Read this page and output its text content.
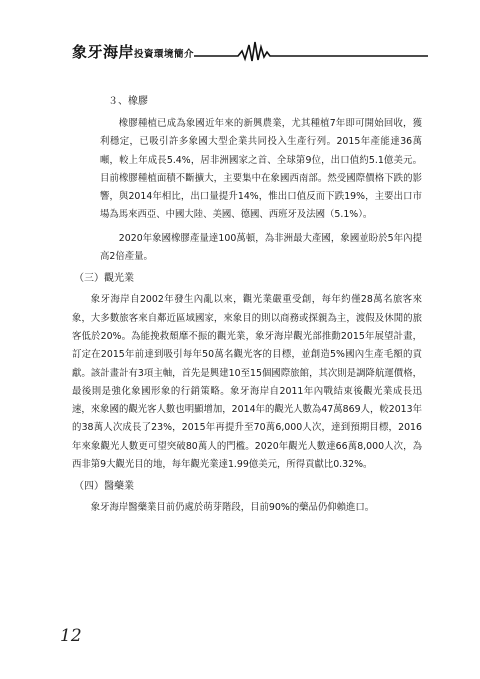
象牙海岸投資環境簡介

３、橡膠

橡膠種植已成為象國近年來的新興農業，尤其種植7年即可開始回收，獲利穩定，已吸引許多象國大型企業共同投入生產行列。2015年產能達36萬噸，較上年成長5.4%，居非洲國家之首、全球第9位，出口值約5.1億美元。目前橡膠種植面積不斷擴大，主要集中在象國西南部。然受國際價格下跌的影響，與2014年相比，出口量提升14%，惟出口值反而下跌19%，主要出口市場為馬來西亞、中國大陸、美國、德國、西班牙及法國（5.1%）。

2020年象國橡膠產量達100萬頓，為非洲最大產國，象國並盼於5年內提高2倍產量。

（三）觀光業

象牙海岸自2002年發生內亂以來，觀光業嚴重受創，每年約僅28萬名旅客來象，大多數旅客來自鄰近區域國家，來象目的則以商務或探親為主，渡假及休閒的旅客低於20%。為能挽救頹靡不振的觀光業，象牙海岸觀光部推動2015年展望計畫，訂定在2015年前達到吸引每年50萬名觀光客的目標，並創造5%國內生產毛額的貢獻。該計畫計有3項主軸，首先是興建10至15個國際旅館，其次則是調降航運價格，最後則是強化象國形象的行銷策略。象牙海岸自2011年內戰結束後觀光業成長迅速，來象國的觀光客人數也明顯增加，2014年的觀光人數為47萬869人，較2013年的38萬人次成長了23%，2015年再提升至70萬6,000人次，達到預期目標，2016年來象觀光人數更可望突破80萬人的門檻。2020年觀光人數達66萬8,000人次，為西非第9大觀光目的地，每年觀光業達1.99億美元，所得貢獻比0.32%。

（四）醫藥業

象牙海岸醫藥業目前仍處於萌芽階段，目前90%的藥品仍仰賴進口。

12
